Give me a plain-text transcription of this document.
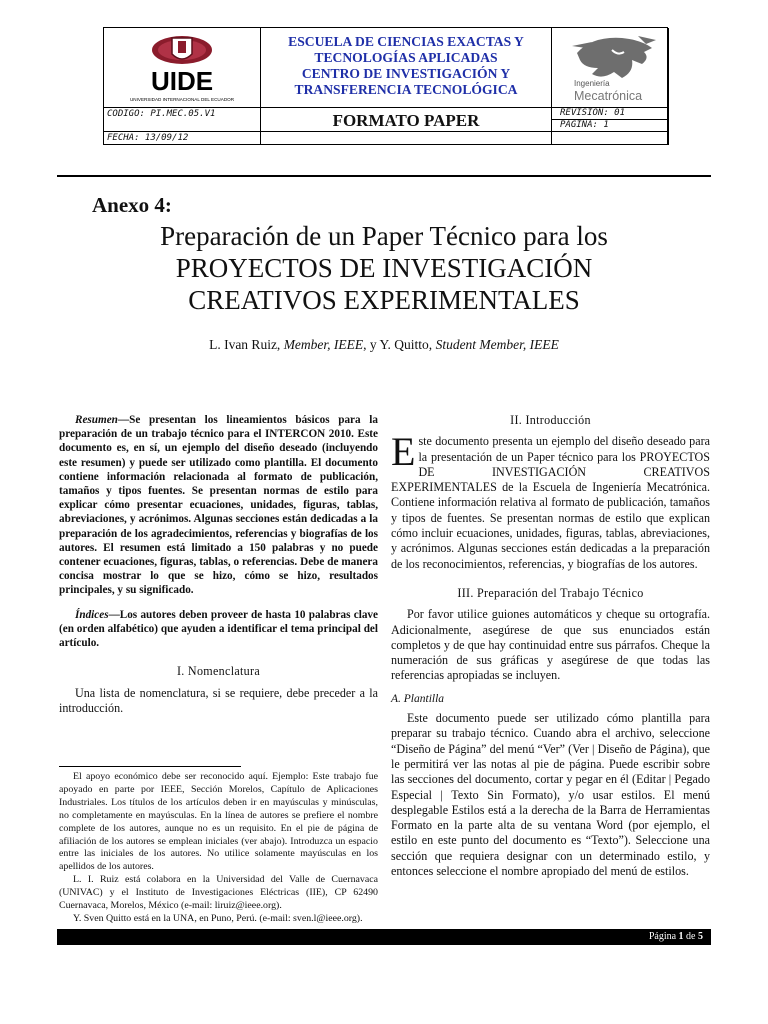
UIDE
UNIVERSIDAD INTERNACIONAL DEL ECUADOR
ESCUELA DE CIENCIAS EXACTAS Y
TECNOLOGÍAS APLICADAS
CENTRO DE INVESTIGACIÓN Y
TRANSFERENCIA TECNOLÓGICA	Ingeniería
Mecatrónica
CODIGO: PI.MEC.05.V1	FORMATO PAPER	REVISION: 01
PAGINA: 1
FECHA: 13/09/12
Anexo 4:
Preparación de un Paper Técnico para los
PROYECTOS DE INVESTIGACIÓN
CREATIVOS EXPERIMENTALES
L. Ivan Ruiz, Member, IEEE, y Y. Quitto, Student Member, IEEE

Resumen—Se presentan los lineamientos básicos para la preparación de un trabajo técnico para el INTERCON 2010. Este documento es, en sí, un ejemplo del diseño deseado (incluyendo este resumen) y puede ser utilizado como plantilla. El documento contiene información relacionada al formato de publicación, tamaños y tipos fuentes. Se presentan normas de estilo para explicar cómo presentar ecuaciones, unidades, figuras, tablas, abreviaciones, y acrónimos. Algunas secciones están dedicadas a la preparación de los agradecimientos, referencias y biografías de los autores. El resumen está limitado a 150 palabras y no puede contener ecuaciones, figuras, tablas, o referencias. Debe de manera concisa mostrar lo que se hizo, cómo se hizo, resultados principales, y su significado.

Índices—Los autores deben proveer de hasta 10 palabras clave (en orden alfabético) que ayuden a identificar el tema principal del artículo.

I. Nomenclatura

Una lista de nomenclatura, si se requiere, debe preceder a la introducción.

El apoyo económico debe ser reconocido aquí. Ejemplo: Este trabajo fue apoyado en parte por IEEE, Sección Morelos, Capítulo de Aplicaciones Industriales. Los títulos de los artículos deben ir en mayúsculas y minúsculas, no completamente en mayúsculas. En la línea de autores se prefiere el nombre complete de los autores, aunque no es un requisito. En el pie de página de afiliación de los autores se emplean iniciales (ver abajo). Introduzca un espacio entre las iniciales de los autores. No utilice solamente mayúsculas en los apellidos de los autores.

L. I. Ruiz está colabora en la Universidad del Valle de Cuernavaca (UNIVAC) y el Instituto de Investigaciones Eléctricas (IIE), CP 62490 Cuernavaca, Morelos, México (e-mail: liruiz@ieee.org).

Y. Sven Quitto está en la UNA, en Puno, Perú. (e-mail: sven.l@ieee.org).

II. Introducción

Este documento presenta un ejemplo del diseño deseado para la presentación de un Paper técnico para los PROYECTOS DE INVESTIGACIÓN CREATIVOS EXPERIMENTALES de la Escuela de Ingeniería Mecatrónica. Contiene información relativa al formato de publicación, tamaños y tipos de fuentes. Se presentan normas de estilo que explican cómo incluir ecuaciones, unidades, figuras, tablas, abreviaciones, y acrónimos. Algunas secciones están dedicadas a la preparación de los reconocimientos, referencias, y biografías de los autores.

III. Preparación del Trabajo Técnico

Por favor utilice guiones automáticos y cheque su ortografía. Adicionalmente, asegúrese de que sus enunciados están completos y de que hay continuidad entre sus párrafos. Cheque la numeración de sus gráficas y asegúrese de que todas las referencias apropiadas se incluyen.

A. Plantilla

Este documento puede ser utilizado cómo plantilla para preparar su trabajo técnico. Cuando abra el archivo, seleccione “Diseño de Página” del menú “Ver” (Ver | Diseño de Página), que le permitirá ver las notas al pie de página. Puede escribir sobre las secciones del documento, cortar y pegar en él (Editar | Pegado Especial | Texto Sin Formato), y/o usar estilos. El menú desplegable Estilos está a la derecha de la Barra de Herramientas Formato en la parte alta de su ventana Word (por ejemplo, el estilo en este punto del documento es “Texto”). Seleccione una sección que requiera designar con un determinado estilo, y entonces seleccione el nombre apropiado del menú de estilos.

Página 1 de 5
